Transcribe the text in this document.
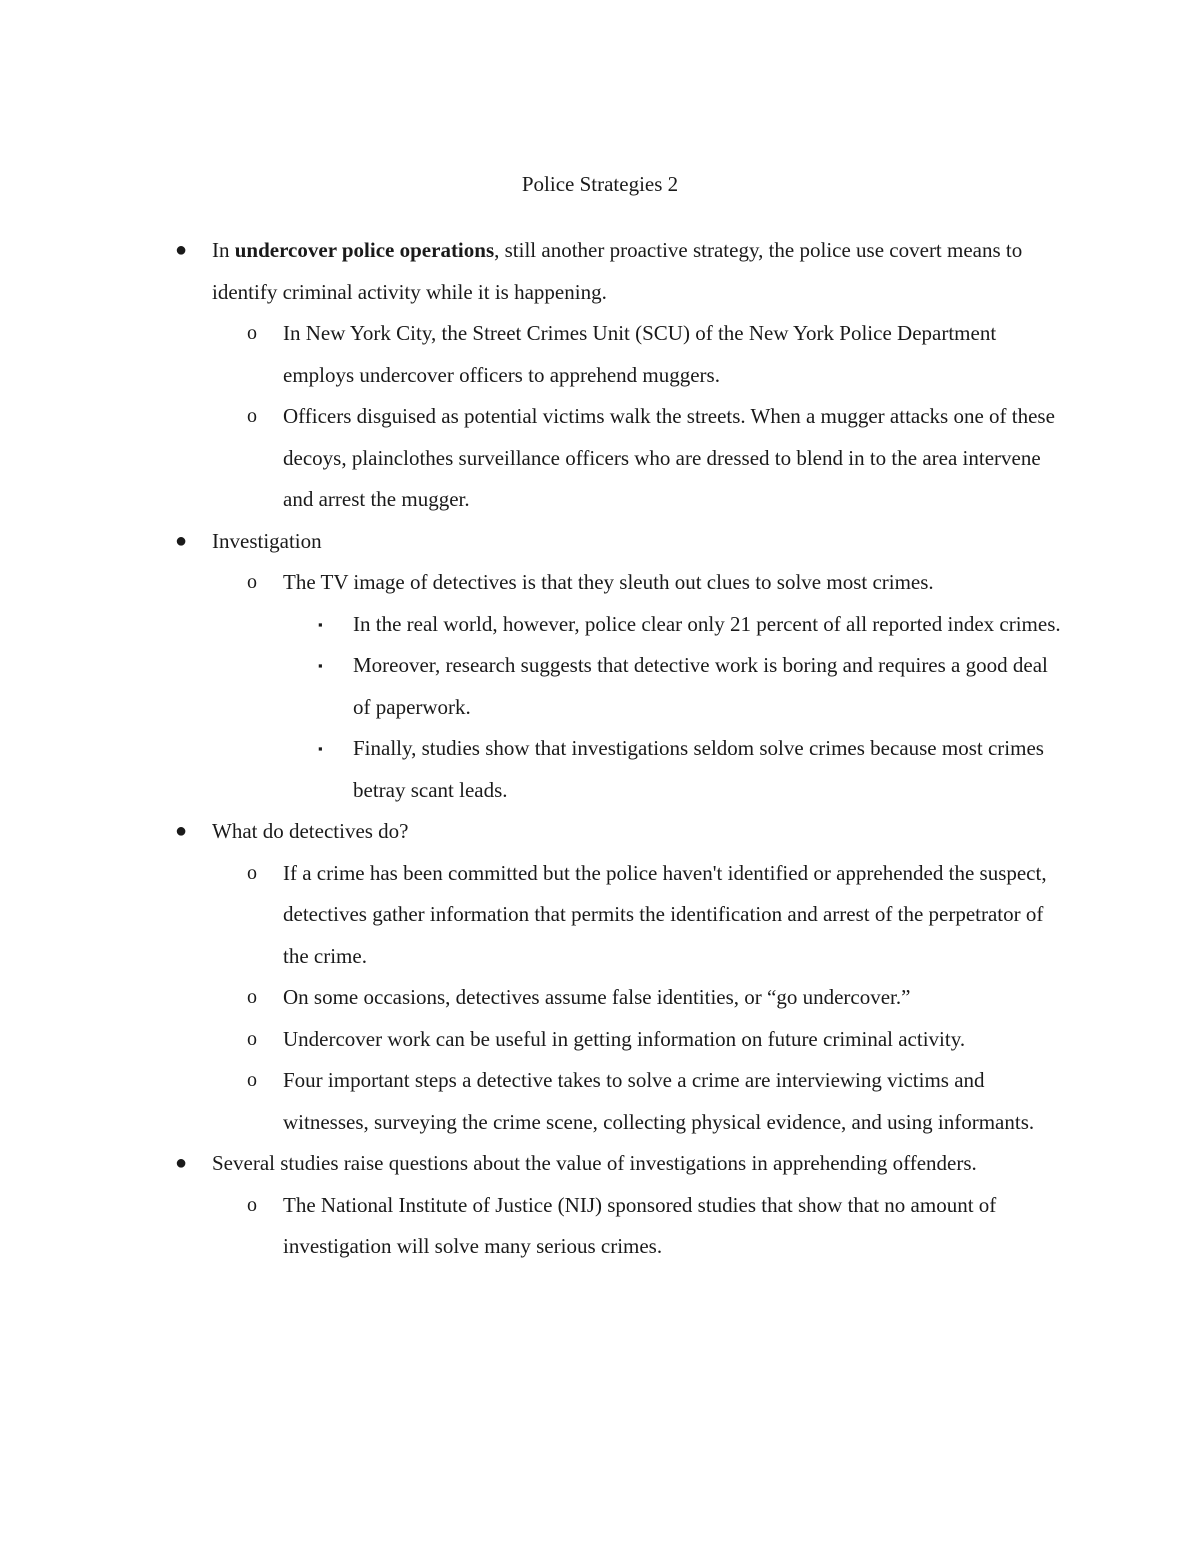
Police Strategies 2
● In undercover police operations, still another proactive strategy, the police use covert means to identify criminal activity while it is happening.
o In New York City, the Street Crimes Unit (SCU) of the New York Police Department employs undercover officers to apprehend muggers.
o Officers disguised as potential victims walk the streets. When a mugger attacks one of these decoys, plainclothes surveillance officers who are dressed to blend in to the area intervene and arrest the mugger.
● Investigation
o The TV image of detectives is that they sleuth out clues to solve most crimes.
▪ In the real world, however, police clear only 21 percent of all reported index crimes.
▪ Moreover, research suggests that detective work is boring and requires a good deal of paperwork.
▪ Finally, studies show that investigations seldom solve crimes because most crimes betray scant leads.
● What do detectives do?
o If a crime has been committed but the police haven't identified or apprehended the suspect, detectives gather information that permits the identification and arrest of the perpetrator of the crime.
o On some occasions, detectives assume false identities, or “go undercover.”
o Undercover work can be useful in getting information on future criminal activity.
o Four important steps a detective takes to solve a crime are interviewing victims and witnesses, surveying the crime scene, collecting physical evidence, and using informants.
● Several studies raise questions about the value of investigations in apprehending offenders.
o The National Institute of Justice (NIJ) sponsored studies that show that no amount of investigation will solve many serious crimes.
